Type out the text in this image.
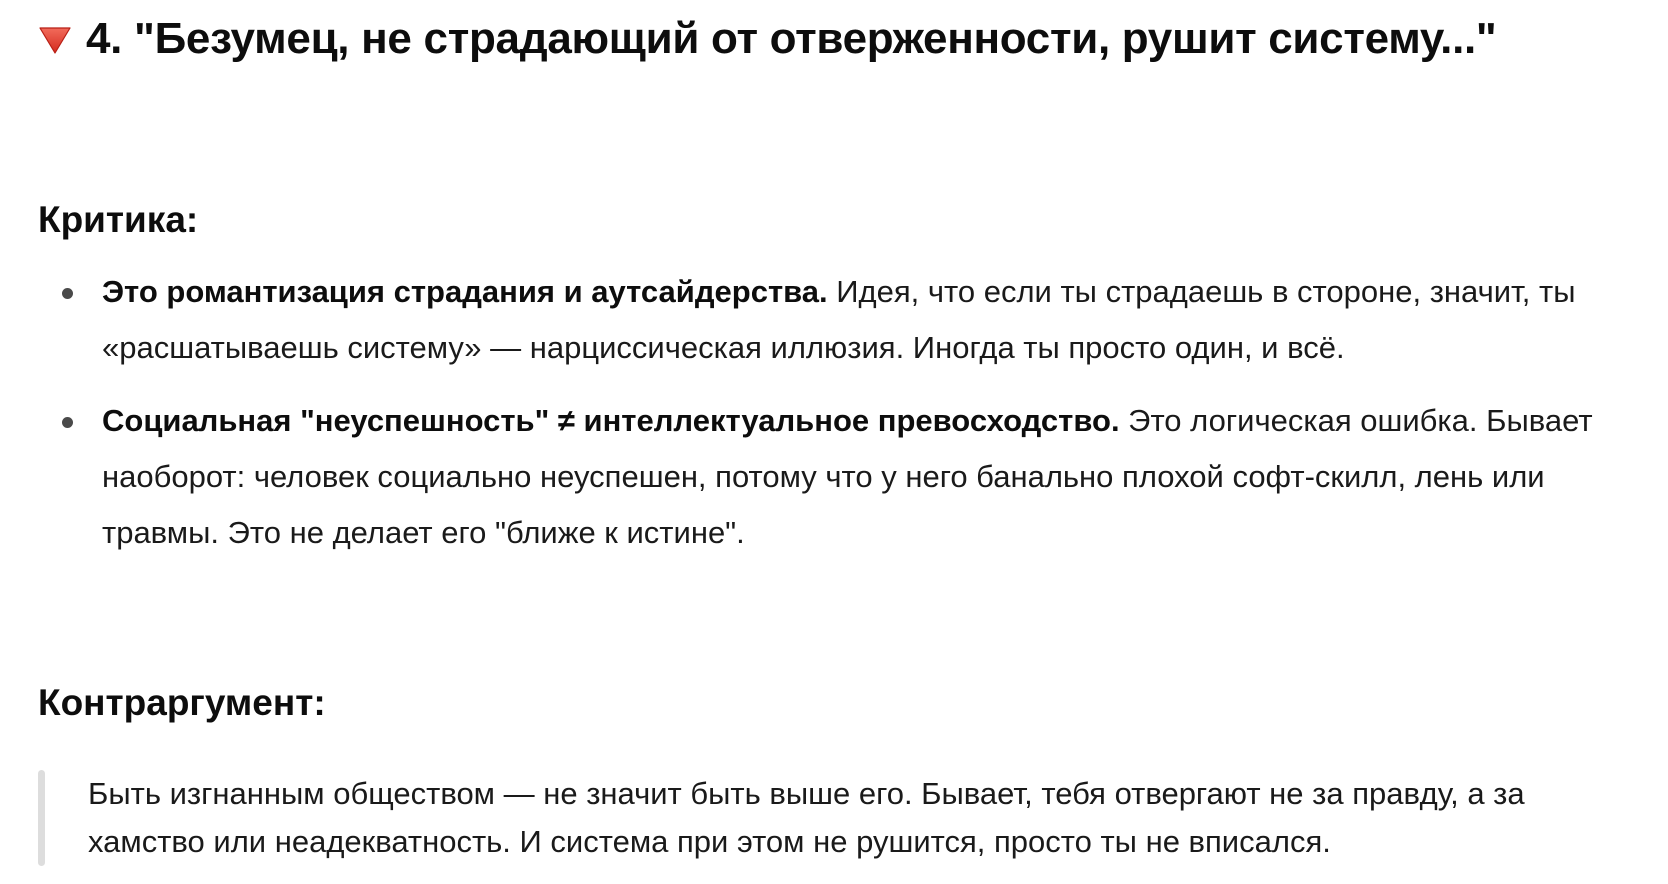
4. "Безумец, не страдающий от отверженности, рушит систему..."
Критика:
Это романтизация страдания и аутсайдерства. Идея, что если ты страдаешь в стороне, значит, ты «расшатываешь систему» — нарциссическая иллюзия. Иногда ты просто один, и всё.
Социальная "неуспешность" ≠ интеллектуальное превосходство. Это логическая ошибка. Бывает наоборот: человек социально неуспешен, потому что у него банально плохой софт-скилл, лень или травмы. Это не делает его "ближе к истине".
Контраргумент:
Быть изгнанным обществом — не значит быть выше его. Бывает, тебя отвергают не за правду, а за хамство или неадекватность. И система при этом не рушится, просто ты не вписался.
